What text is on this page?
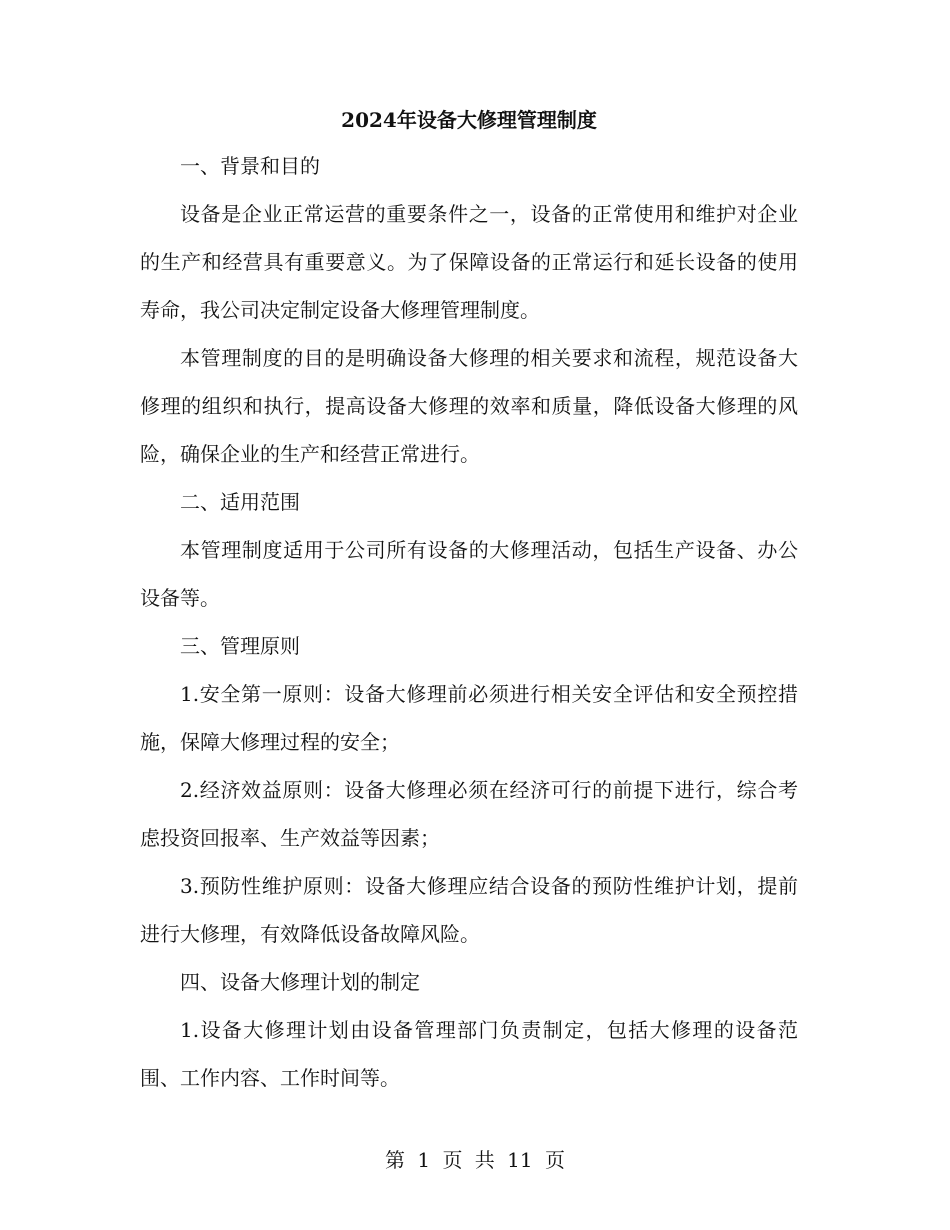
2024年设备大修理管理制度

一、背景和目的

设备是企业正常运营的重要条件之一，设备的正常使用和维护对企业的生产和经营具有重要意义。为了保障设备的正常运行和延长设备的使用寿命，我公司决定制定设备大修理管理制度。

本管理制度的目的是明确设备大修理的相关要求和流程，规范设备大修理的组织和执行，提高设备大修理的效率和质量，降低设备大修理的风险，确保企业的生产和经营正常进行。

二、适用范围

本管理制度适用于公司所有设备的大修理活动，包括生产设备、办公设备等。

三、管理原则

1.安全第一原则：设备大修理前必须进行相关安全评估和安全预控措施，保障大修理过程的安全；

2.经济效益原则：设备大修理必须在经济可行的前提下进行，综合考虑投资回报率、生产效益等因素；

3.预防性维护原则：设备大修理应结合设备的预防性维护计划，提前进行大修理，有效降低设备故障风险。

四、设备大修理计划的制定

1.设备大修理计划由设备管理部门负责制定，包括大修理的设备范围、工作内容、工作时间等。

第 1 页 共 11 页
